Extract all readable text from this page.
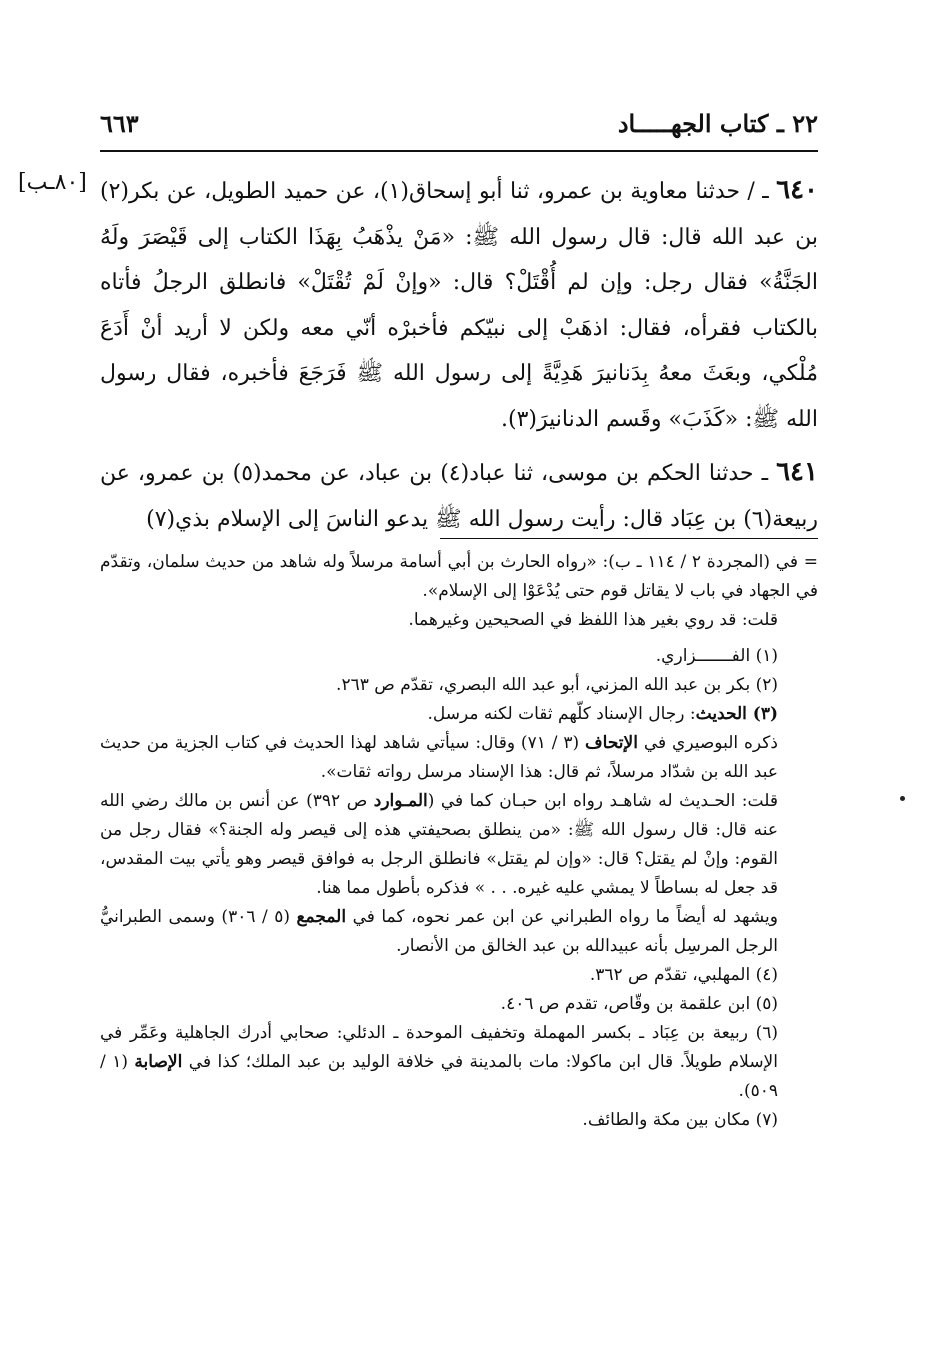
٦٦٣	٢٢ ـ كتاب الجهـــــاد
[٨٠ـب]	٦٤٠ ـ / حدثنا معاوية بن عمرو، ثنا أبو إسحاق(١)، عن حميد الطويل، عن بكر(٢) بن عبد الله قال: قال رسول الله ﷺ: «مَنْ يذْهَبُ بِهَذَا الكتاب إلى قَيْصَرَ ولَهُ الجَنَّةُ» فقال رجل: وإن لم أُقْتَلْ؟ قال: «وإنْ لَمْ تُقْتَلْ» فانطلق الرجلُ فأتاه بالكتاب فقرأه، فقال: اذهَبْ إلى نبيّكم فأخبرْه أنّي معه ولكن لا أريد أنْ أَدَعَ مُلْكي، وبعَثَ معهُ بِدَنانيرَ هَدِيَّةً إلى رسول الله ﷺ فَرَجَعَ فأخبره، فقال رسول الله ﷺ: «كَذَبَ» وقَسم الدنانيرَ(٣).

٦٤١ ـ حدثنا الحكم بن موسى، ثنا عباد(٤) بن عباد، عن محمد(٥) بن عمرو، عن ربيعة(٦) بن عِبَاد قال: رأيت رسول الله ﷺ يدعو الناسَ إلى الإسلام بذي(٧)

= في (المجردة ٢ / ١١٤ ـ ب): «رواه الحارث بن أبي أسامة مرسلاً وله شاهد من حديث سلمان، وتقدّم في الجهاد في باب لا يقاتل قوم حتى يُدْعَوْا إلى الإسلام».

قلت: قد روي بغير هذا اللفظ في الصحيحين وغيرهما.

(١) الفـــــــزاري.

(٢) بكر بن عبد الله المزني، أبو عبد الله البصري، تقدّم ص ٢٦٣.

(٣) الحديث: رجال الإسناد كلّهم ثقات لكنه مرسل.

ذكره البوصيري في الإتحاف (٣ / ٧١) وقال: سيأتي شاهد لهذا الحديث في كتاب الجزية من حديث عبد الله بن شدّاد مرسلاً، ثم قال: هذا الإسناد مرسل رواته ثقات».

قلت: الحـديث له شاهـد رواه ابن حبـان كما في (المـوارد ص ٣٩٢) عن أنس بن مالك رضي الله عنه قال: قال رسول الله ﷺ: «من ينطلق بصحيفتي هذه إلى قيصر وله الجنة؟» فقال رجل من القوم: وإنْ لم يقتل؟ قال: «وإن لم يقتل» فانطلق الرجل به فوافق قيصر وهو يأتي بيت المقدس، قد جعل له بساطاً لا يمشي عليه غيره. . . » فذكره بأطول مما هنا.

ويشهد له أيضاً ما رواه الطبراني عن ابن عمر نحوه، كما في المجمع (٥ / ٣٠٦) وسمى الطبرانيُّ الرجل المرسِل بأنه عبيدالله بن عبد الخالق من الأنصار.

(٤) المهلبي، تقدّم ص ٣٦٢.

(٥) ابن علقمة بن وقّاص، تقدم ص ٤٠٦.

(٦) ربيعة بن عِبَاد ـ بكسر المهملة وتخفيف الموحدة ـ الدئلي: صحابي أدرك الجاهلية وعَمِّر في الإسلام طويلاً. قال ابن ماكولا: مات بالمدينة في خلافة الوليد بن عبد الملك؛ كذا في الإصابة (١ / ٥٠٩).

(٧) مكان بين مكة والطائف.
